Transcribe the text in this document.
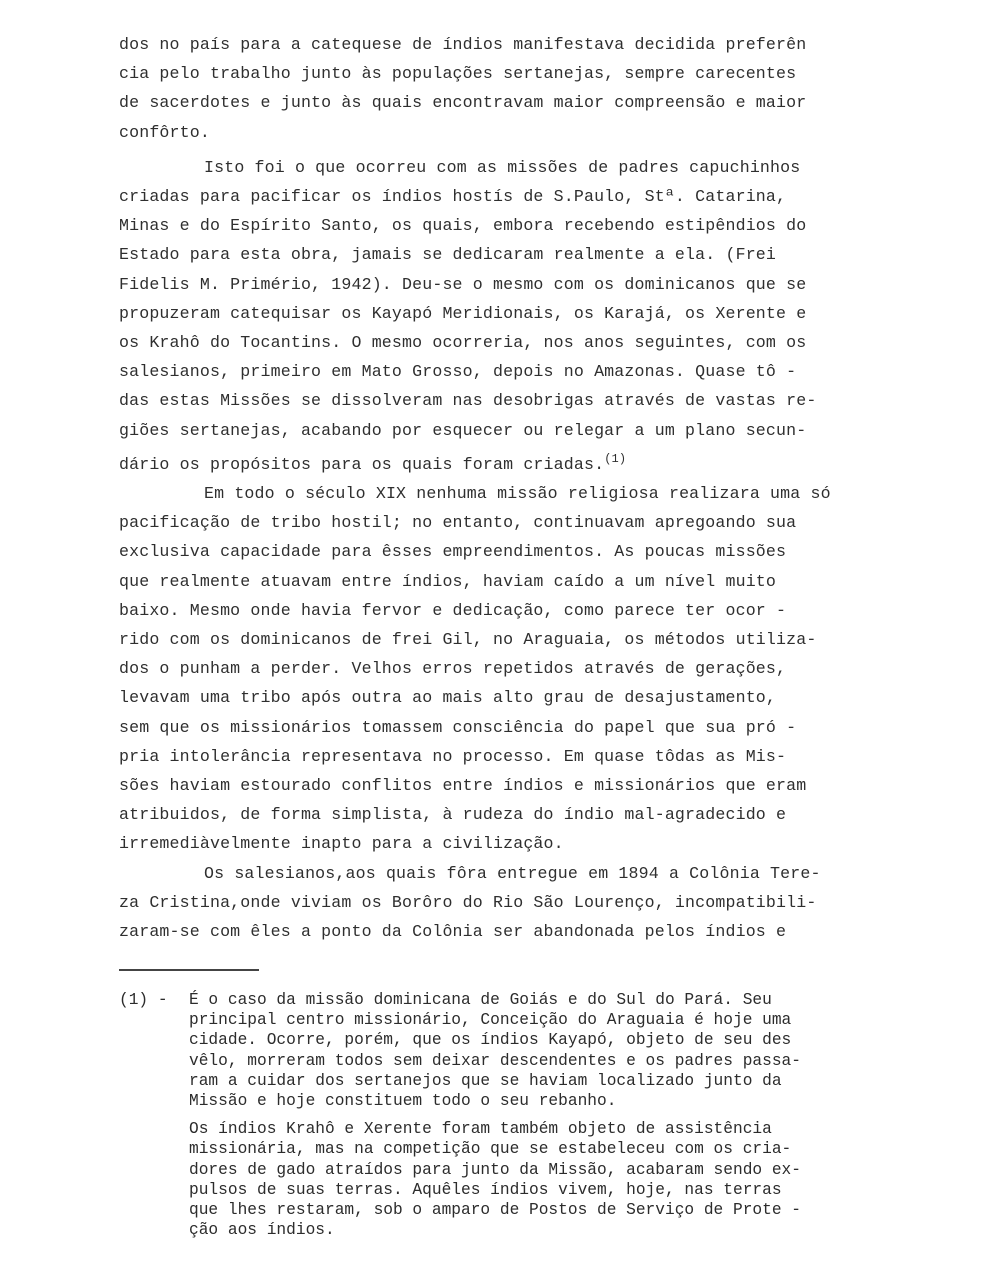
dos no país para a catequese de índios manifestava decidida preferên
cia pelo trabalho junto às populações sertanejas, sempre carecentes
de sacerdotes e junto às quais encontravam maior compreensão e maior
confôrto.

Isto foi o que ocorreu com as missões de padres capuchinhos
criadas para pacificar os índios hostís de S.Paulo, Stª. Catarina,
Minas e do Espírito Santo, os quais, embora recebendo estipêndios do
Estado para esta obra, jamais se dedicaram realmente a ela. (Frei
Fidelis M. Primério, 1942). Deu-se o mesmo com os dominicanos que se
propuzeram catequisar os Kayapó Meridionais, os Karajá, os Xerente e
os Krahô do Tocantins. O mesmo ocorreria, nos anos seguintes, com os
salesianos, primeiro em Mato Grosso, depois no Amazonas. Quase tô -
das estas Missões se dissolveram nas desobrigas através de vastas re-
giões sertanejas, acabando por esquecer ou relegar a um plano secun-
dário os propósitos para os quais foram criadas.$^{(1)}$

Em todo o século XIX nenhuma missão religiosa realizara uma só
pacificação de tribo hostil; no entanto, continuavam apregoando sua
exclusiva capacidade para êsses empreendimentos. As poucas missões
que realmente atuavam entre índios, haviam caído a um nível muito
baixo. Mesmo onde havia fervor e dedicação, como parece ter ocor -
rido com os dominicanos de frei Gil, no Araguaia, os métodos utiliza-
dos o punham a perder. Velhos erros repetidos através de gerações,
levavam uma tribo após outra ao mais alto grau de desajustamento,
sem que os missionários tomassem consciência do papel que sua pró -
pria intolerância representava no processo. Em quase tôdas as Mis-
sões haviam estourado conflitos entre índios e missionários que eram
atribuidos, de forma simplista, à rudeza do índio mal-agradecido e
irremediàvelmente inapto para a civilização.

Os salesianos,aos quais fôra entregue em 1894 a Colônia Tere-
za Cristina,onde viviam os Borôro do Rio São Lourenço, incompatibili-
zaram-se com êles a ponto da Colônia ser abandonada pelos índios e

(1) -	É o caso da missão dominicana de Goiás e do Sul do Pará. Seu
principal centro missionário, Conceição do Araguaia é hoje uma
cidade. Ocorre, porém, que os índios Kayapó, objeto de seu des
vêlo, morreram todos sem deixar descendentes e os padres passa-
ram a cuidar dos sertanejos que se haviam localizado junto da
Missão e hoje constituem todo o seu rebanho.

Os índios Krahô e Xerente foram também objeto de assistência
missionária, mas na competição que se estabeleceu com os cria-
dores de gado atraídos para junto da Missão, acabaram sendo ex-
pulsos de suas terras. Aquêles índios vivem, hoje, nas terras
que lhes restaram, sob o amparo de Postos de Serviço de Prote -
ção aos índios.
